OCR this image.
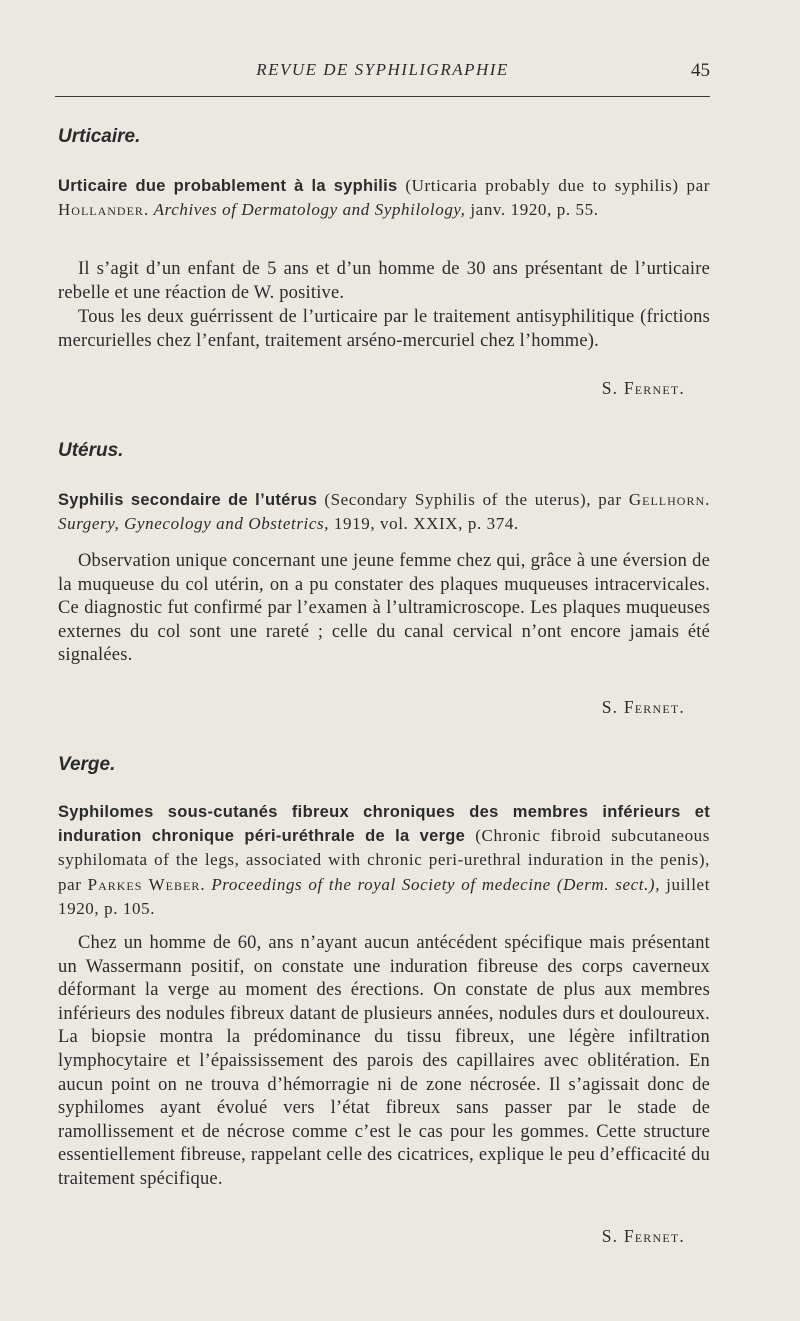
REVUE DE SYPHILIGRAPHIE	45
Urticaire.

Urticaire due probablement à la syphilis (Urticaria probably due to syphilis) par Hollander. Archives of Dermatology and Syphilology, janv. 1920, p. 55.

Il s’agit d’un enfant de 5 ans et d’un homme de 30 ans présentant de l’urticaire rebelle et une réaction de W. positive.

Tous les deux guérrissent de l’urticaire par le traitement antisyphilitique (frictions mercurielles chez l’enfant, traitement arséno-mercuriel chez l’homme).

S. Fernet.
Utérus.

Syphilis secondaire de l’utérus (Secondary Syphilis of the uterus), par Gellhorn. Surgery, Gynecology and Obstetrics, 1919, vol. XXIX, p. 374.

Observation unique concernant une jeune femme chez qui, grâce à une éversion de la muqueuse du col utérin, on a pu constater des plaques muqueuses intracervicales. Ce diagnostic fut confirmé par l’examen à l’ultramicroscope. Les plaques muqueuses externes du col sont une rareté ; celle du canal cervical n’ont encore jamais été signalées.

S. Fernet.
Verge.

Syphilomes sous-cutanés fibreux chroniques des membres inférieurs et induration chronique péri-uréthrale de la verge (Chronic fibroid subcutaneous syphilomata of the legs, associated with chronic peri-urethral induration in the penis), par Parkes Weber. Proceedings of the royal Society of medecine (Derm. sect.), juillet 1920, p. 105.

Chez un homme de 60, ans n’ayant aucun antécédent spécifique mais présentant un Wassermann positif, on constate une induration fibreuse des corps caverneux déformant la verge au moment des érections. On constate de plus aux membres inférieurs des nodules fibreux datant de plusieurs années, nodules durs et douloureux. La biopsie montra la prédominance du tissu fibreux, une légère infiltration lymphocytaire et l’épaississement des parois des capillaires avec oblitération. En aucun point on ne trouva d’hémorragie ni de zone nécrosée. Il s’agissait donc de syphilomes ayant évolué vers l’état fibreux sans passer par le stade de ramollissement et de nécrose comme c’est le cas pour les gommes. Cette structure essentiellement fibreuse, rappelant celle des cicatrices, explique le peu d’efficacité du traitement spécifique.

S. Fernet.
